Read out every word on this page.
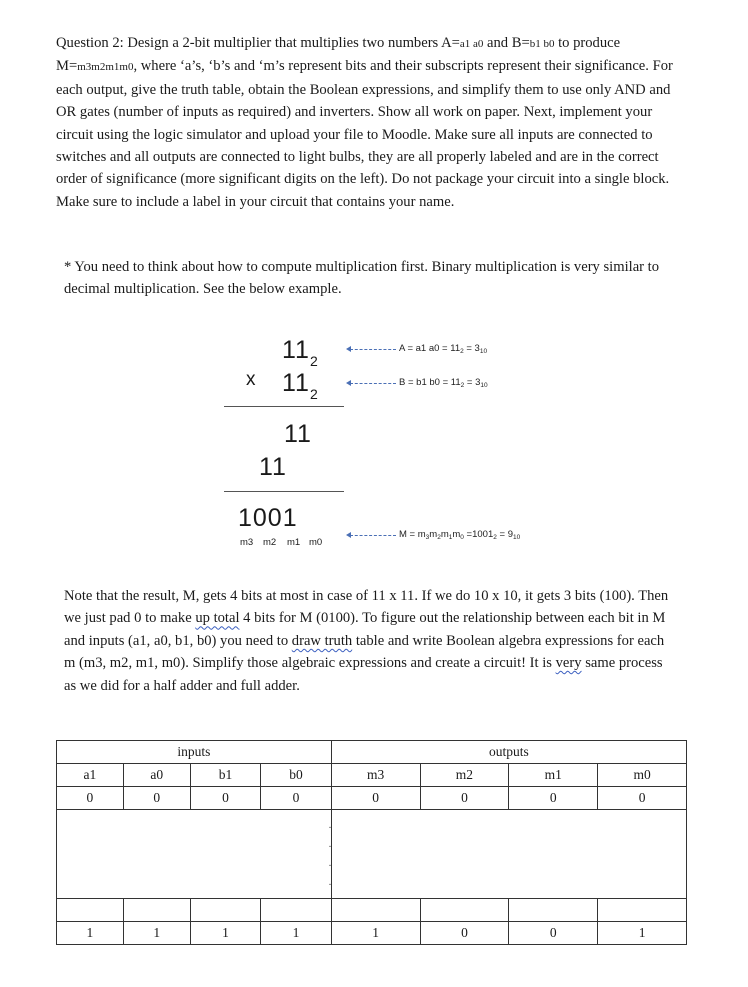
Question 2: Design a 2-bit multiplier that multiplies two numbers A=a1 a0 and B=b1 b0 to produce M=m3m2m1m0, where ‘a’s, ‘b’s and ‘m’s represent bits and their subscripts represent their significance. For each output, give the truth table, obtain the Boolean expressions, and simplify them to use only AND and OR gates (number of inputs as required) and inverters. Show all work on paper. Next, implement your circuit using the logic simulator and upload your file to Moodle. Make sure all inputs are connected to switches and all outputs are connected to light bulbs, they are all properly labeled and are in the correct order of significance (more significant digits on the left). Do not package your circuit into a single block. Make sure to include a label in your circuit that contains your name.

* You need to think about how to compute multiplication first. Binary multiplication is very similar to decimal multiplication. See the below example.

$11_2$
x $11_2$
11
11
1001
m3 m2 m1 m0
A = a1 $a0 = 11_2 = 3_{10}$
B = b1 $b0 = 11_2 = 3_{10}$
$M = m_3m_2m_1m_0 =1001_2 = 9_{10}$

Note that the result, M, gets 4 bits at most in case of 11 x 11. If we do 10 x 10, it gets 3 bits (100). Then we just pad 0 to make up total 4 bits for M (0100). To figure out the relationship between each bit in M and inputs (a1, a0, b1, b0) you need to draw truth table and write Boolean algebra expressions for each m (m3, m2, m1, m0). Simplify those algebraic expressions and create a circuit! It is very same process as we did for a half adder and full adder.

inputs				outputs			
a1	a0	b1	b0	m3	m2	m1	m0
0	0	0	0	0	0	0	0

				.
.
.
.			

1	1	1	1	1	0	0	1
